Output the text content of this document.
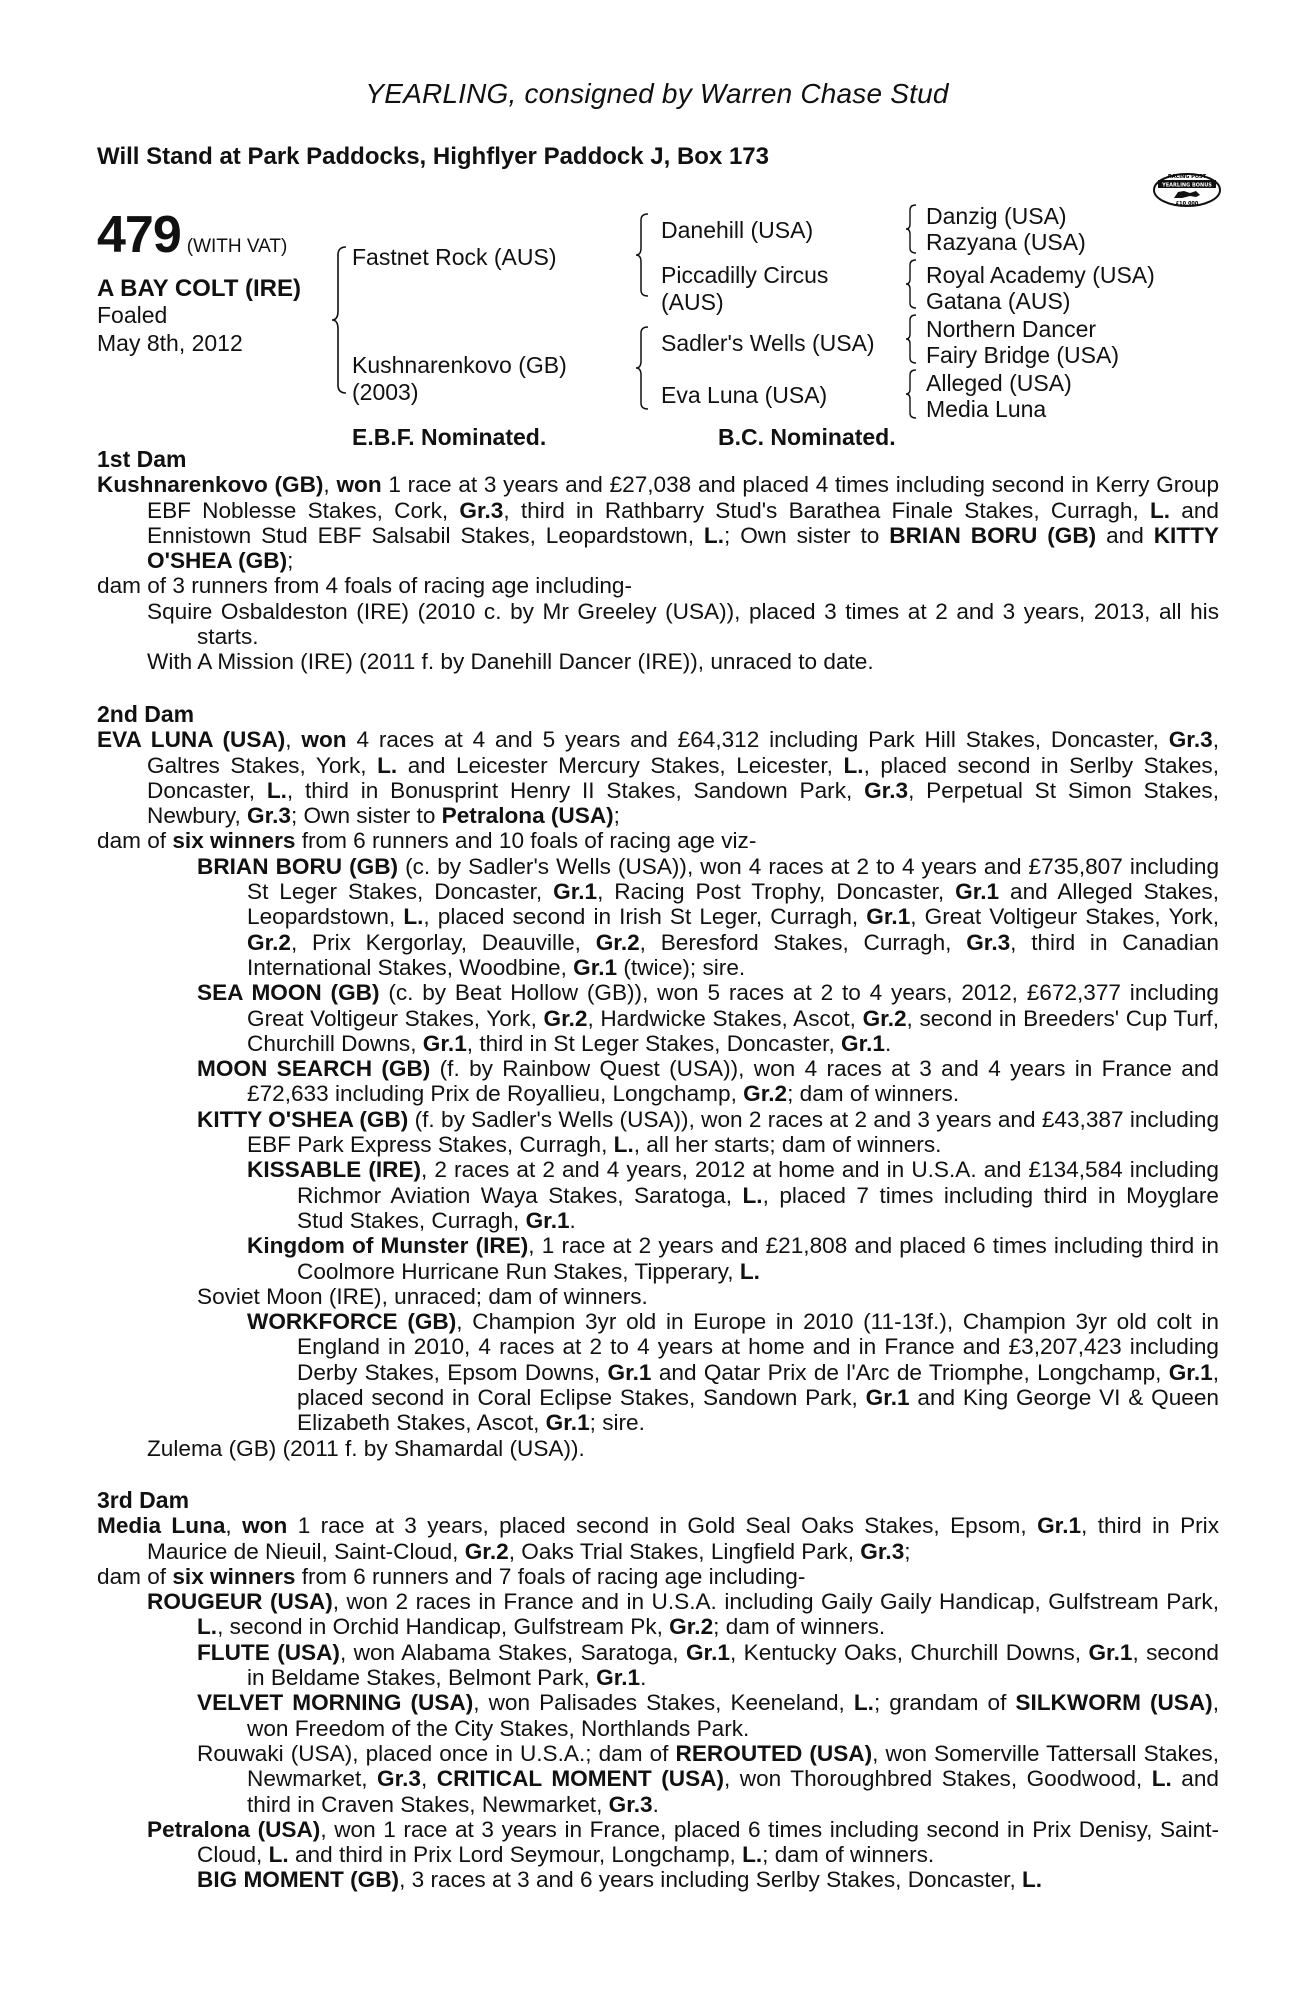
YEARLING, consigned by Warren Chase Stud
Will Stand at Park Paddocks, Highflyer Paddock J, Box 173
RACING POST
YEARLING BONUS
£10,000
479 (WITH VAT)
A BAY COLT (IRE)
Foaled
May 8th, 2012
Fastnet Rock (AUS)
Kushnarenkovo (GB)
(2003)
Danehill (USA)
Piccadilly Circus
(AUS)
Sadler's Wells (USA)
Eva Luna (USA)
Danzig (USA)
Razyana (USA)
Royal Academy (USA)
Gatana (AUS)
Northern Dancer
Fairy Bridge (USA)
Alleged (USA)
Media Luna
E.B.F. Nominated.	B.C. Nominated.
1st Dam

Kushnarenkovo (GB), won 1 race at 3 years and £27,038 and placed 4 times including second in Kerry Group EBF Noblesse Stakes, Cork, Gr.3, third in Rathbarry Stud's Barathea Finale Stakes, Curragh, L. and Ennistown Stud EBF Salsabil Stakes, Leopardstown, L.; Own sister to BRIAN BORU (GB) and KITTY O'SHEA (GB);

dam of 3 runners from 4 foals of racing age including-

Squire Osbaldeston (IRE) (2010 c. by Mr Greeley (USA)), placed 3 times at 2 and 3 years, 2013, all his starts.

With A Mission (IRE) (2011 f. by Danehill Dancer (IRE)), unraced to date.

2nd Dam

EVA LUNA (USA), won 4 races at 4 and 5 years and £64,312 including Park Hill Stakes, Doncaster, Gr.3, Galtres Stakes, York, L. and Leicester Mercury Stakes, Leicester, L., placed second in Serlby Stakes, Doncaster, L., third in Bonusprint Henry II Stakes, Sandown Park, Gr.3, Perpetual St Simon Stakes, Newbury, Gr.3; Own sister to Petralona (USA);

dam of six winners from 6 runners and 10 foals of racing age viz-

BRIAN BORU (GB) (c. by Sadler's Wells (USA)), won 4 races at 2 to 4 years and £735,807 including St Leger Stakes, Doncaster, Gr.1, Racing Post Trophy, Doncaster, Gr.1 and Alleged Stakes, Leopardstown, L., placed second in Irish St Leger, Curragh, Gr.1, Great Voltigeur Stakes, York, Gr.2, Prix Kergorlay, Deauville, Gr.2, Beresford Stakes, Curragh, Gr.3, third in Canadian International Stakes, Woodbine, Gr.1 (twice); sire.

SEA MOON (GB) (c. by Beat Hollow (GB)), won 5 races at 2 to 4 years, 2012, £672,377 including Great Voltigeur Stakes, York, Gr.2, Hardwicke Stakes, Ascot, Gr.2, second in Breeders' Cup Turf, Churchill Downs, Gr.1, third in St Leger Stakes, Doncaster, Gr.1.

MOON SEARCH (GB) (f. by Rainbow Quest (USA)), won 4 races at 3 and 4 years in France and £72,633 including Prix de Royallieu, Longchamp, Gr.2; dam of winners.

KITTY O'SHEA (GB) (f. by Sadler's Wells (USA)), won 2 races at 2 and 3 years and £43,387 including EBF Park Express Stakes, Curragh, L., all her starts; dam of winners.

KISSABLE (IRE), 2 races at 2 and 4 years, 2012 at home and in U.S.A. and £134,584 including Richmor Aviation Waya Stakes, Saratoga, L., placed 7 times including third in Moyglare Stud Stakes, Curragh, Gr.1.

Kingdom of Munster (IRE), 1 race at 2 years and £21,808 and placed 6 times including third in Coolmore Hurricane Run Stakes, Tipperary, L.

Soviet Moon (IRE), unraced; dam of winners.

WORKFORCE (GB), Champion 3yr old in Europe in 2010 (11-13f.), Champion 3yr old colt in England in 2010, 4 races at 2 to 4 years at home and in France and £3,207,423 including Derby Stakes, Epsom Downs, Gr.1 and Qatar Prix de l'Arc de Triomphe, Longchamp, Gr.1, placed second in Coral Eclipse Stakes, Sandown Park, Gr.1 and King George VI & Queen Elizabeth Stakes, Ascot, Gr.1; sire.

Zulema (GB) (2011 f. by Shamardal (USA)).

3rd Dam

Media Luna, won 1 race at 3 years, placed second in Gold Seal Oaks Stakes, Epsom, Gr.1, third in Prix Maurice de Nieuil, Saint-Cloud, Gr.2, Oaks Trial Stakes, Lingfield Park, Gr.3;

dam of six winners from 6 runners and 7 foals of racing age including-

ROUGEUR (USA), won 2 races in France and in U.S.A. including Gaily Gaily Handicap, Gulfstream Park, L., second in Orchid Handicap, Gulfstream Pk, Gr.2; dam of winners.

FLUTE (USA), won Alabama Stakes, Saratoga, Gr.1, Kentucky Oaks, Churchill Downs, Gr.1, second in Beldame Stakes, Belmont Park, Gr.1.

VELVET MORNING (USA), won Palisades Stakes, Keeneland, L.; grandam of SILKWORM (USA), won Freedom of the City Stakes, Northlands Park.

Rouwaki (USA), placed once in U.S.A.; dam of REROUTED (USA), won Somerville Tattersall Stakes, Newmarket, Gr.3, CRITICAL MOMENT (USA), won Thoroughbred Stakes, Goodwood, L. and third in Craven Stakes, Newmarket, Gr.3.

Petralona (USA), won 1 race at 3 years in France, placed 6 times including second in Prix Denisy, Saint-Cloud, L. and third in Prix Lord Seymour, Longchamp, L.; dam of winners.

BIG MOMENT (GB), 3 races at 3 and 6 years including Serlby Stakes, Doncaster, L.
